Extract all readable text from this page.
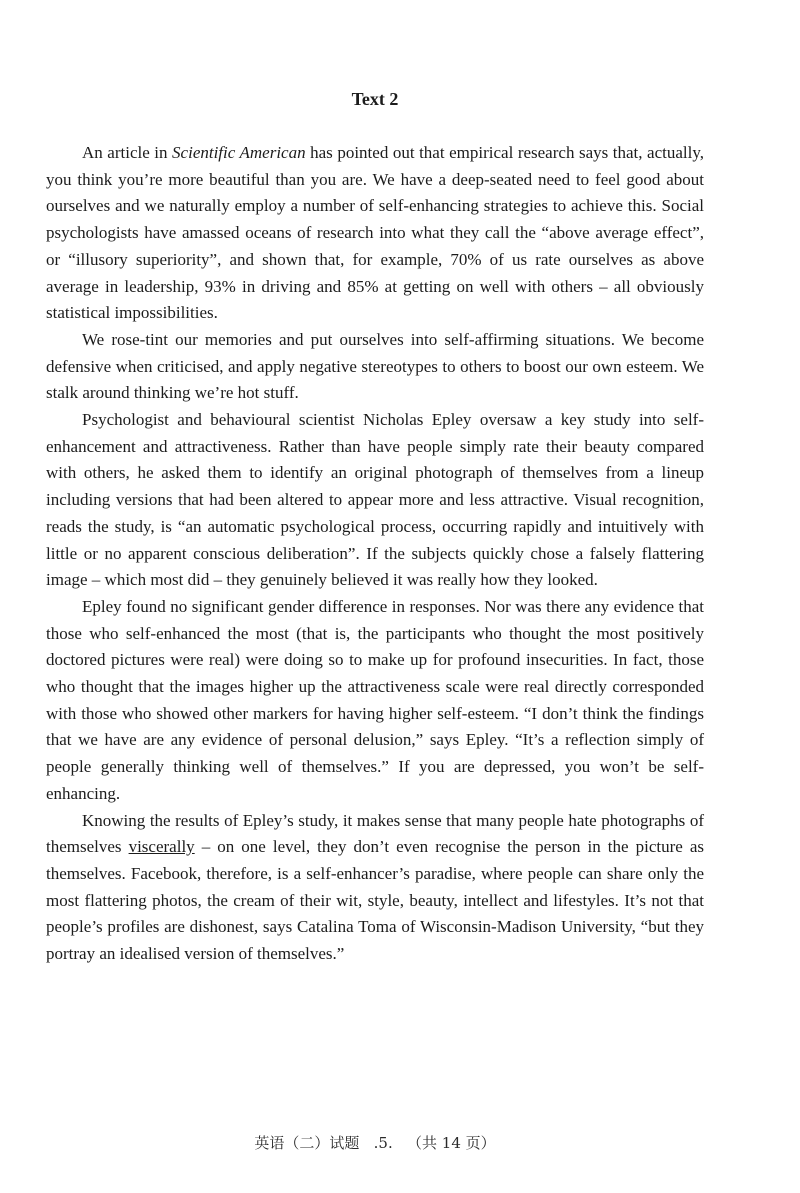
Text 2

An article in Scientific American has pointed out that empirical research says that, actually, you think you’re more beautiful than you are. We have a deep-seated need to feel good about ourselves and we naturally employ a number of self-enhancing strategies to achieve this. Social psychologists have amassed oceans of research into what they call the “above average effect”, or “illusory superiority”, and shown that, for example, 70% of us rate ourselves as above average in leadership, 93% in driving and 85% at getting on well with others – all obviously statistical impossibilities.

We rose-tint our memories and put ourselves into self-affirming situations. We become defensive when criticised, and apply negative stereotypes to others to boost our own esteem. We stalk around thinking we’re hot stuff.

Psychologist and behavioural scientist Nicholas Epley oversaw a key study into self-enhancement and attractiveness. Rather than have people simply rate their beauty compared with others, he asked them to identify an original photograph of themselves from a lineup including versions that had been altered to appear more and less attractive. Visual recognition, reads the study, is “an automatic psychological process, occurring rapidly and intuitively with little or no apparent conscious deliberation”. If the subjects quickly chose a falsely flattering image – which most did – they genuinely believed it was really how they looked.

Epley found no significant gender difference in responses. Nor was there any evidence that those who self-enhanced the most (that is, the participants who thought the most positively doctored pictures were real) were doing so to make up for profound insecurities. In fact, those who thought that the images higher up the attractiveness scale were real directly corresponded with those who showed other markers for having higher self-esteem. “I don’t think the findings that we have are any evidence of personal delusion,” says Epley. “It’s a reflection simply of people generally thinking well of themselves.” If you are depressed, you won’t be self-enhancing.

Knowing the results of Epley’s study, it makes sense that many people hate photographs of themselves viscerally – on one level, they don’t even recognise the person in the picture as themselves. Facebook, therefore, is a self-enhancer’s paradise, where people can share only the most flattering photos, the cream of their wit, style, beauty, intellect and lifestyles. It’s not that people’s profiles are dishonest, says Catalina Toma of Wisconsin-Madison University, “but they portray an idealised version of themselves.”

英语（二）试题   .5.   （共 14 页）
